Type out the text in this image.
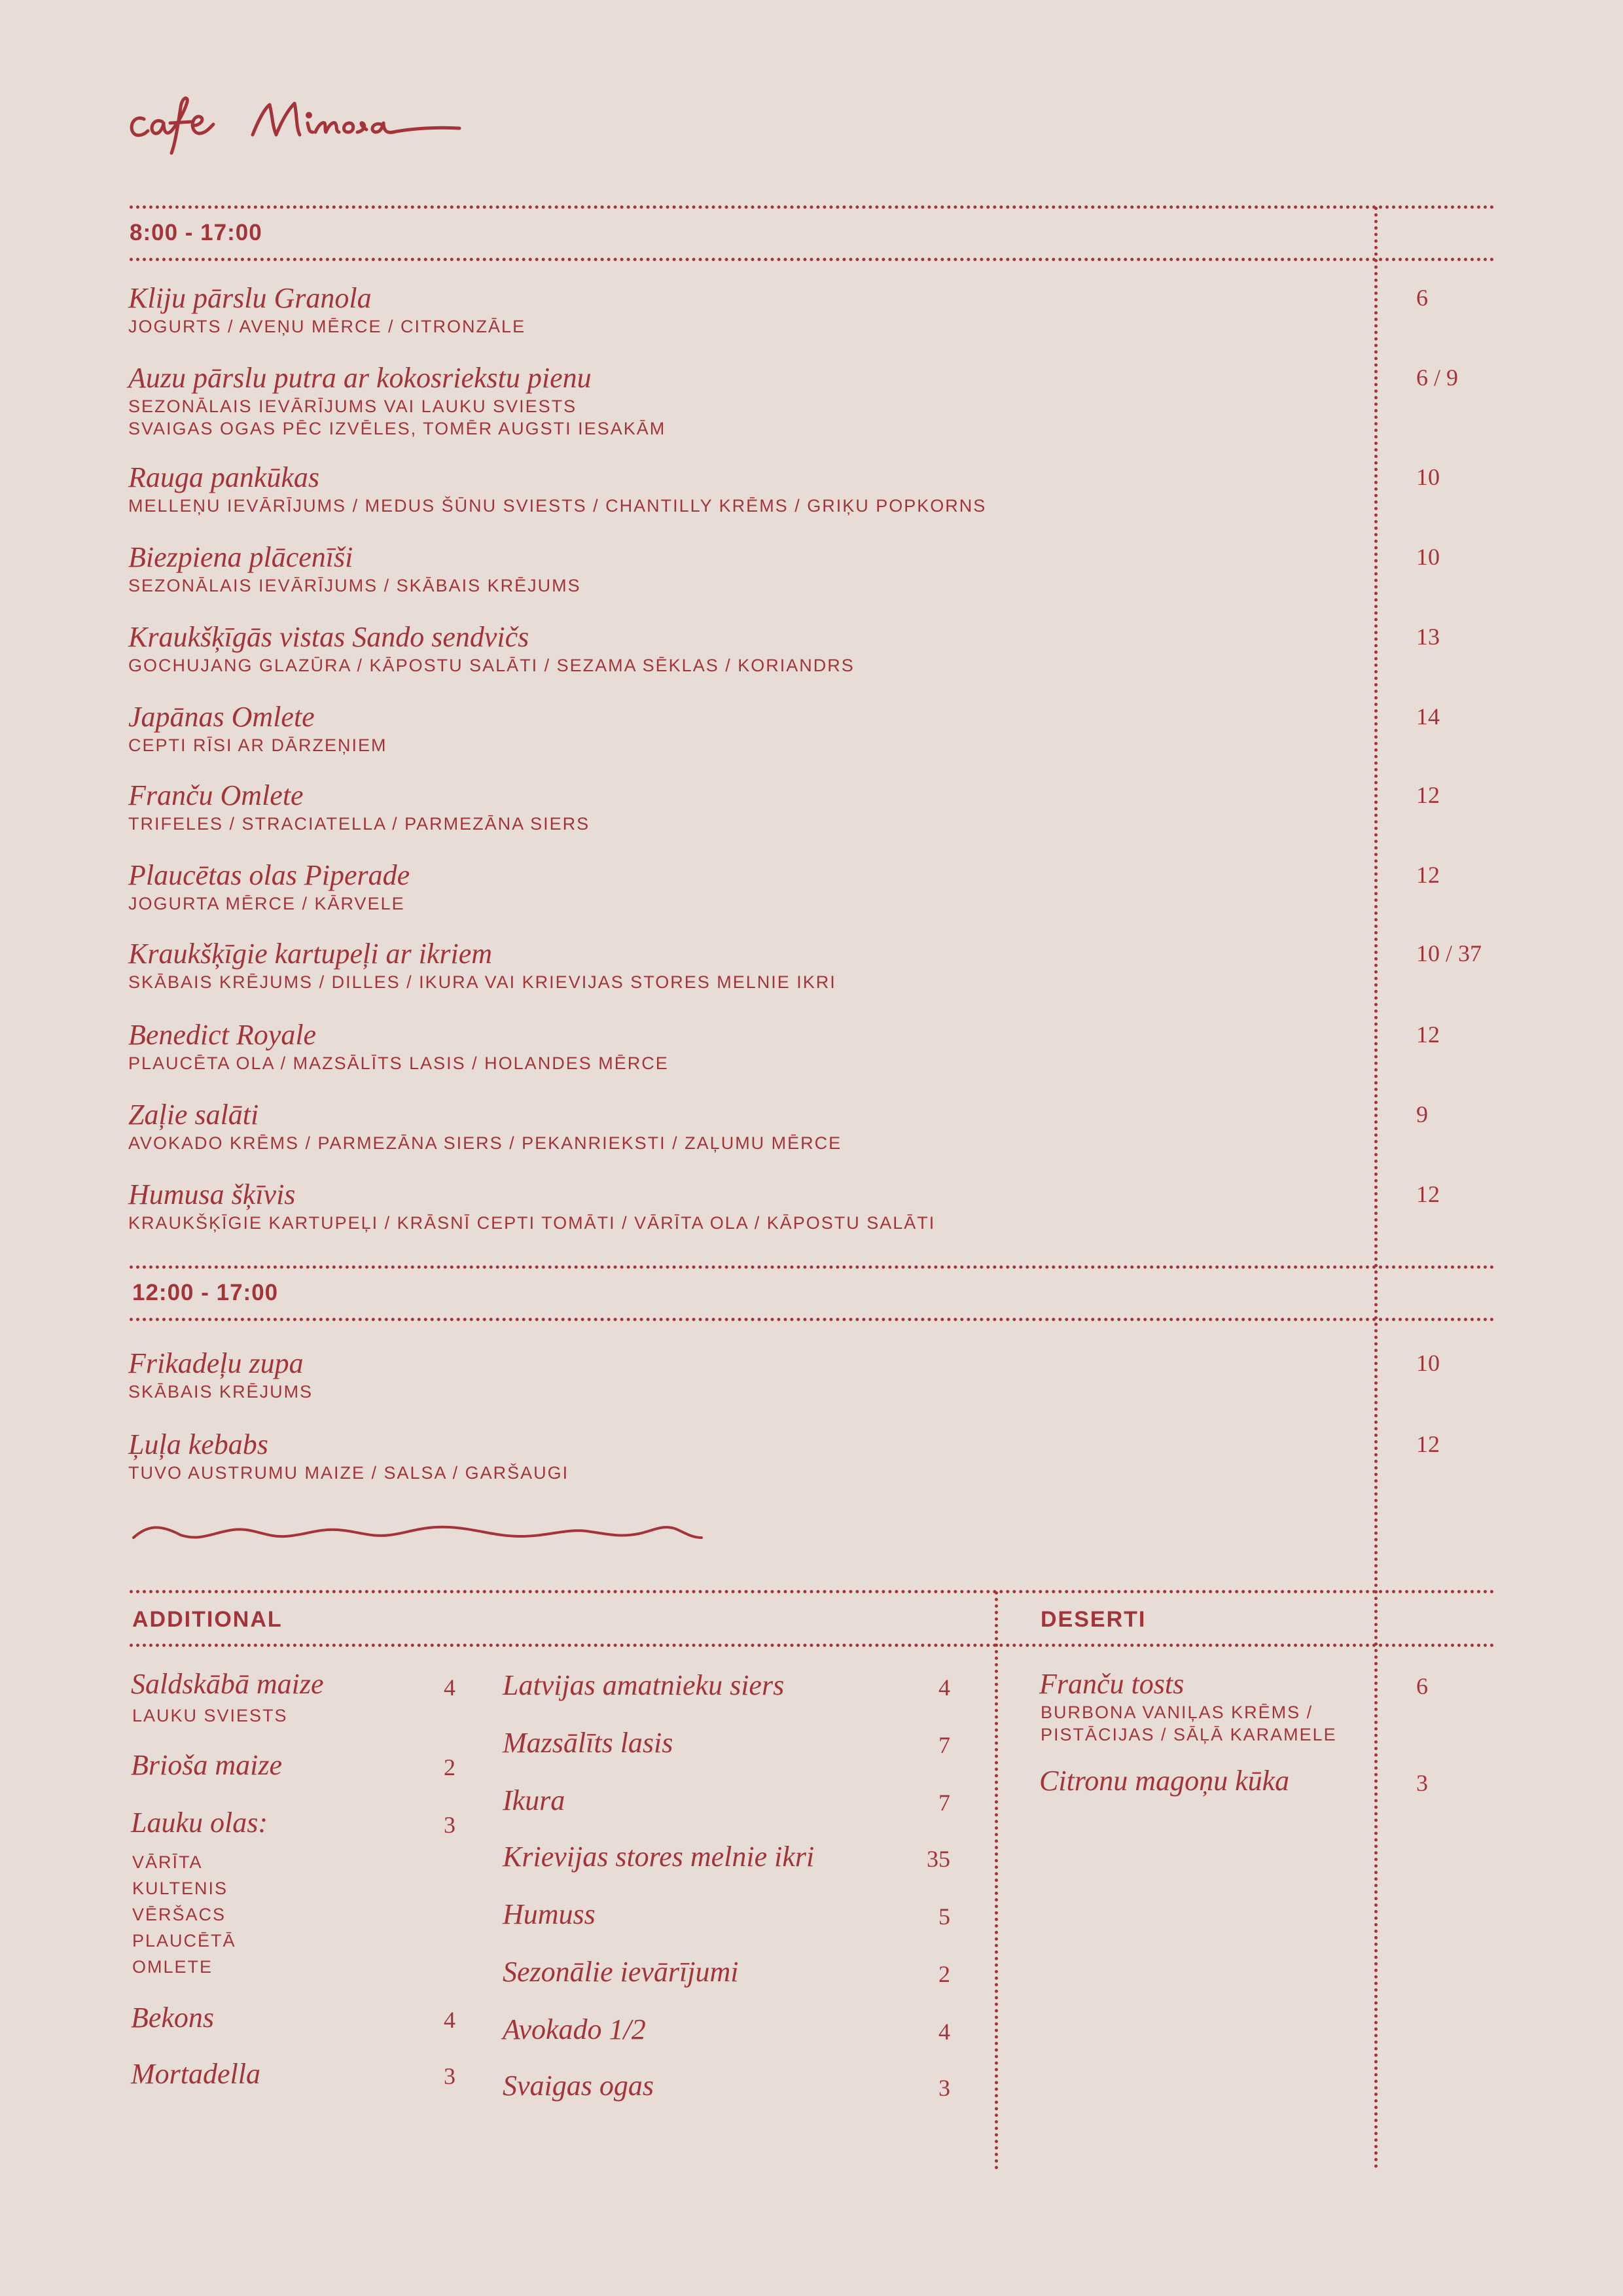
8:00 - 17:00
Kliju pārslu Granola
JOGURTS / AVEŅU MĒRCE / CITRONZĀLE
6
Auzu pārslu putra ar kokosriekstu pienu
SEZONĀLAIS IEVĀRĪJUMS VAI LAUKU SVIESTS
SVAIGAS OGAS PĒC IZVĒLES, TOMĒR AUGSTI IESAKĀM
6 / 9
Rauga pankūkas
MELLEŅU IEVĀRĪJUMS / MEDUS ŠŪNU SVIESTS / CHANTILLY KRĒMS / GRIĶU POPKORNS
10
Biezpiena plācenīši
SEZONĀLAIS IEVĀRĪJUMS / SKĀBAIS KRĒJUMS
10
Kraukšķīgās vistas Sando sendvičs
GOCHUJANG GLAZŪRA / KĀPOSTU SALĀTI / SEZAMA SĒKLAS / KORIANDRS
13
Japānas Omlete
CEPTI RĪSI AR DĀRZEŅIEM
14
Franču Omlete
TRIFELES / STRACIATELLA / PARMEZĀNA SIERS
12
Plaucētas olas Piperade
JOGURTA MĒRCE / KĀRVELE
12
Kraukšķīgie kartupeļi ar ikriem
SKĀBAIS KRĒJUMS / DILLES / IKURA VAI KRIEVIJAS STORES MELNIE IKRI
10 / 37
Benedict Royale
PLAUCĒTA OLA / MAZSĀLĪTS LASIS / HOLANDES MĒRCE
12
Zaļie salāti
AVOKADO KRĒMS / PARMEZĀNA SIERS / PEKANRIEKSTI / ZAĻUMU MĒRCE
9
Humusa šķīvis
KRAUKŠĶĪGIE KARTUPEĻI / KRĀSNĪ CEPTI TOMĀTI / VĀRĪTA OLA / KĀPOSTU SALĀTI
12
12:00 - 17:00
Frikadeļu zupa
SKĀBAIS KRĒJUMS
10
Ļuļa kebabs
TUVO AUSTRUMU MAIZE / SALSA / GARŠAUGI
12
ADDITIONAL	DESERTI
Saldskābā maize
LAUKU SVIESTS
4
Brioša maize	2
Lauku olas:	3
VĀRĪTA
KULTENIS
VĒRŠACS
PLAUCĒTĀ
OMLETE
Bekons	4
Mortadella	3
Latvijas amatnieku siers	4
Mazsālīts lasis	7
Ikura	7
Krievijas stores melnie ikri	35
Humuss	5
Sezonālie ievārījumi	2
Avokado 1/2	4
Svaigas ogas	3
Franču tosts
BURBONA VANIĻAS KRĒMS /
PISTĀCIJAS / SĀĻĀ KARAMELE
6
Citronu magoņu kūka	3
